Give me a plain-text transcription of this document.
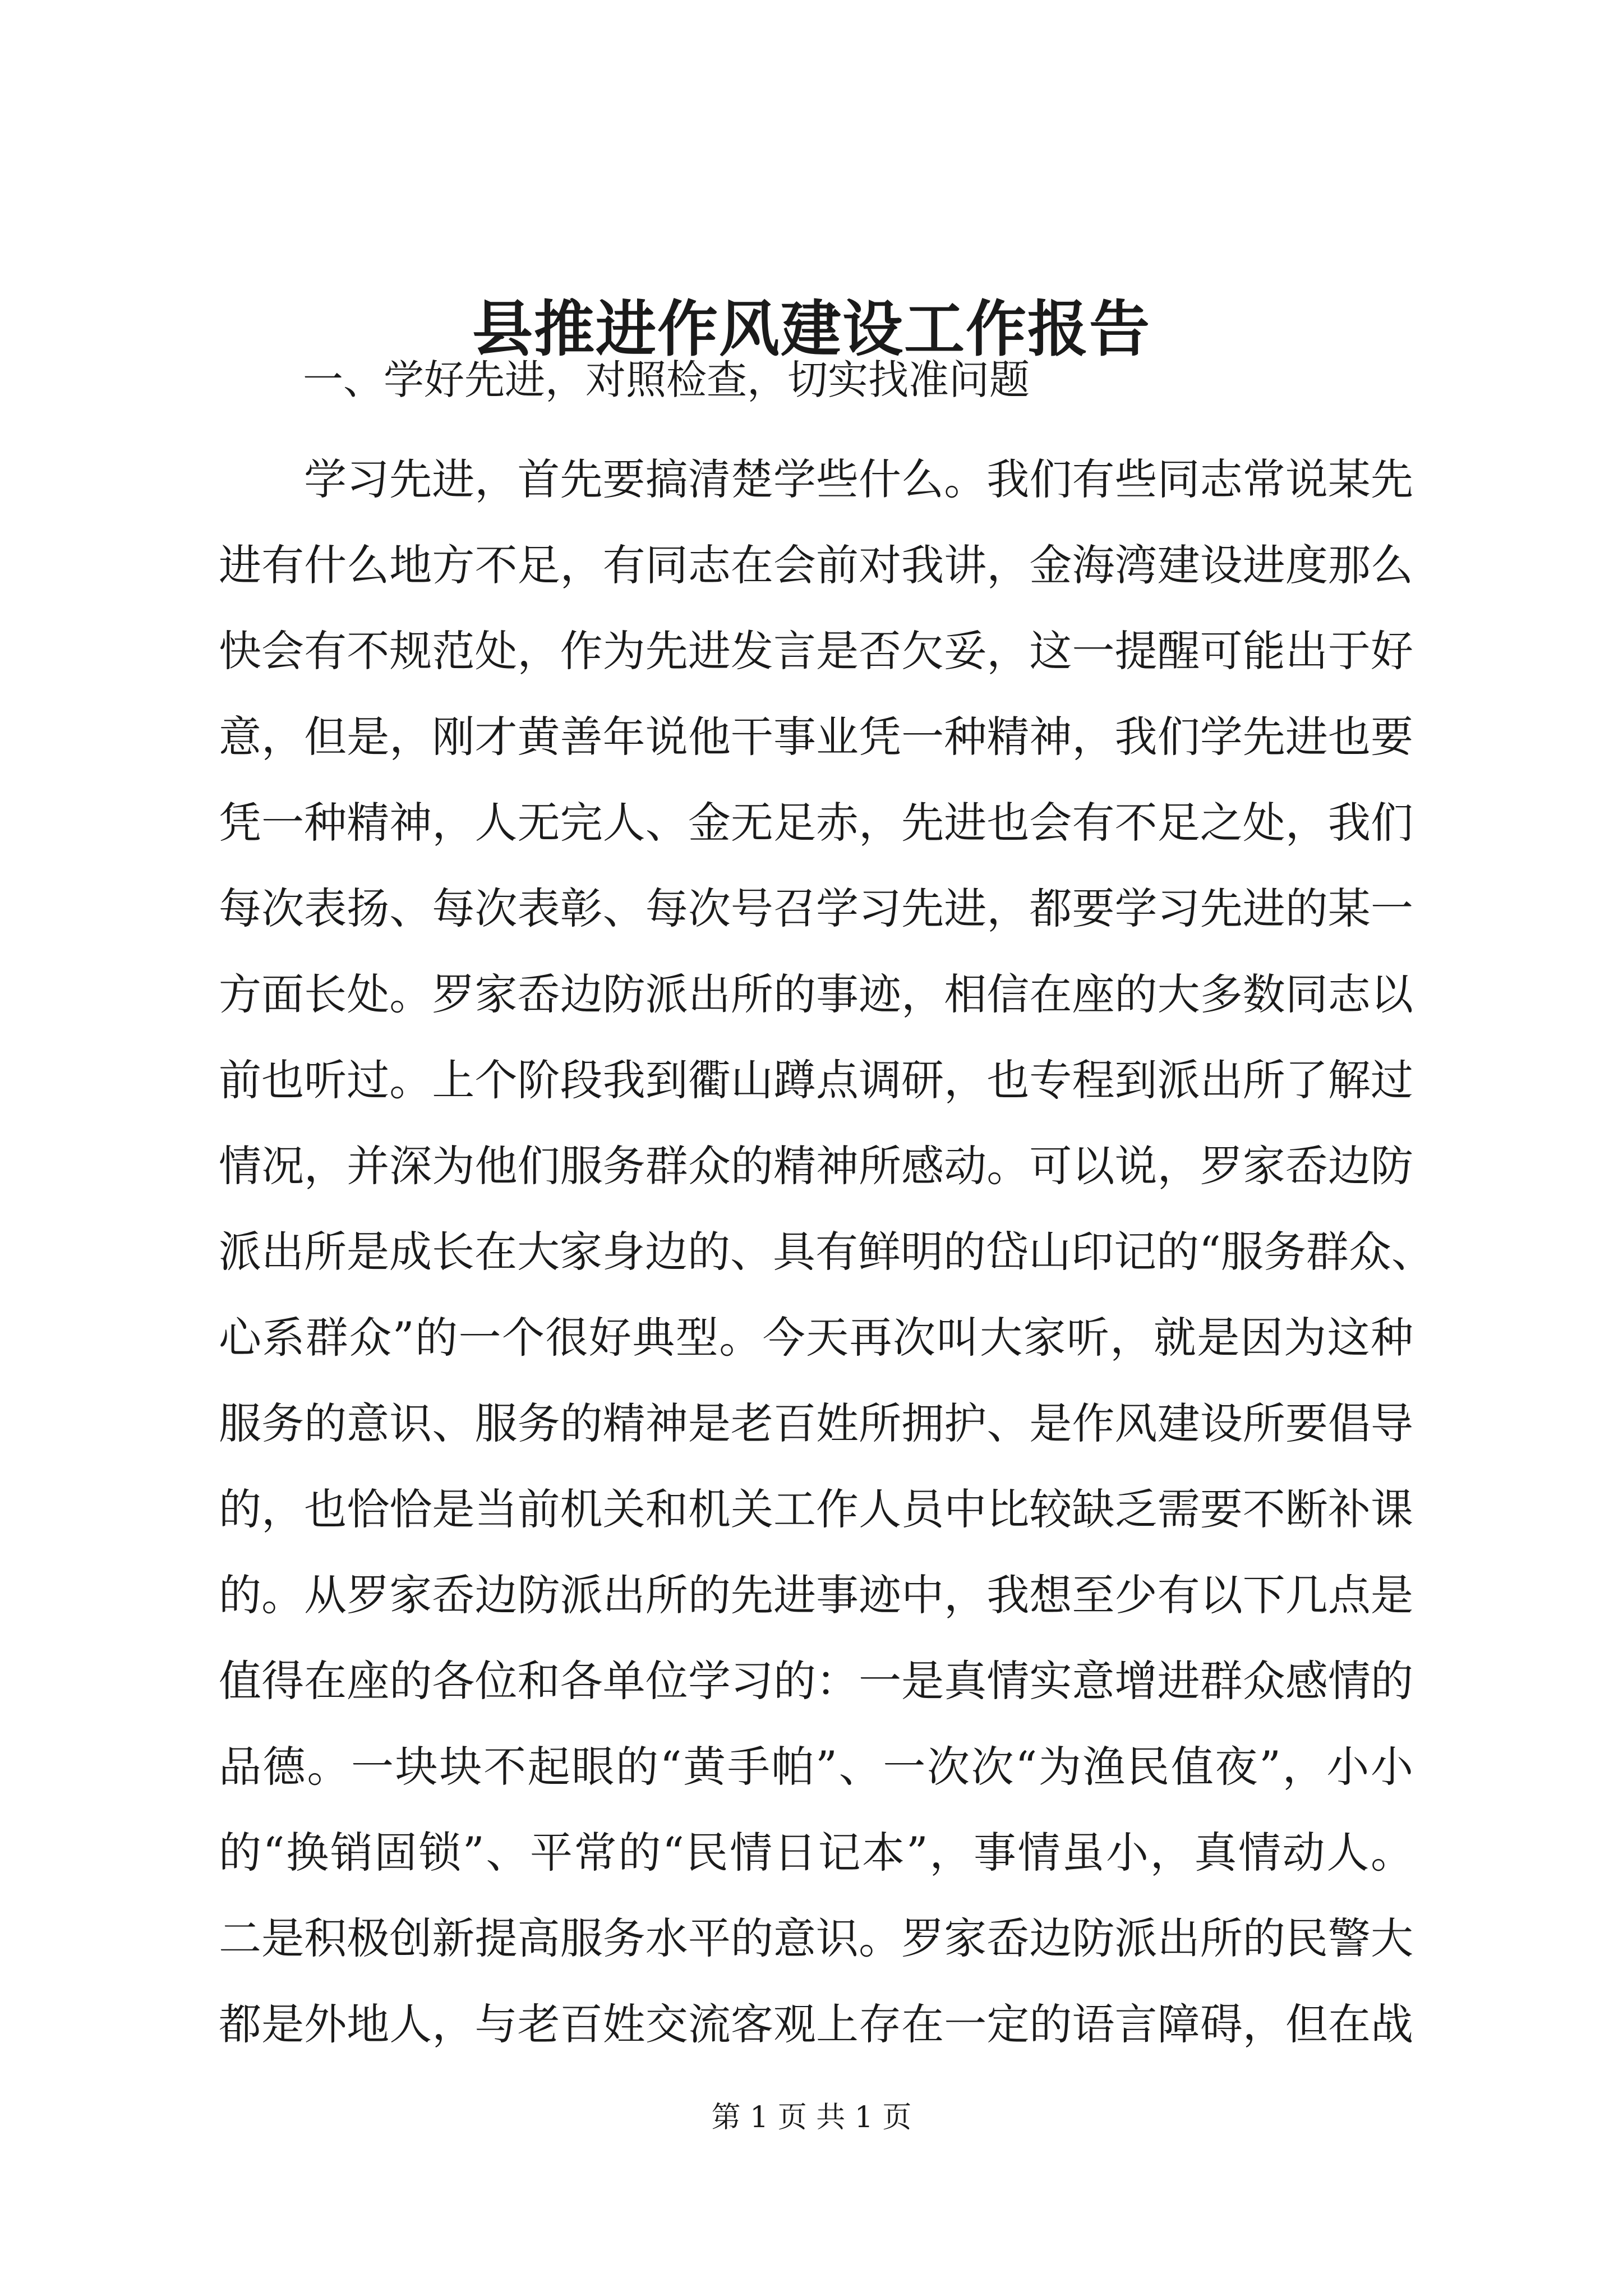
县推进作风建设工作报告

一、学好先进，对照检查，切实找准问题

学习先进，首先要搞清楚学些什么。我们有些同志常说某先
进有什么地方不足，有同志在会前对我讲，金海湾建设进度那么
快会有不规范处，作为先进发言是否欠妥，这一提醒可能出于好
意，但是，刚才黄善年说他干事业凭一种精神，我们学先进也要
凭一种精神，人无完人、金无足赤，先进也会有不足之处，我们
每次表扬、每次表彰、每次号召学习先进，都要学习先进的某一
方面长处。罗家岙边防派出所的事迹，相信在座的大多数同志以
前也听过。上个阶段我到衢山蹲点调研，也专程到派出所了解过
情况，并深为他们服务群众的精神所感动。可以说，罗家岙边防
派出所是成长在大家身边的、具有鲜明的岱山印记的“服务群众、
心系群众”的一个很好典型。今天再次叫大家听，就是因为这种
服务的意识、服务的精神是老百姓所拥护、是作风建设所要倡导
的，也恰恰是当前机关和机关工作人员中比较缺乏需要不断补课
的。从罗家岙边防派出所的先进事迹中，我想至少有以下几点是
值得在座的各位和各单位学习的：一是真情实意增进群众感情的
品德。一块块不起眼的“黄手帕”、一次次“为渔民值夜”，小小
的“换销固锁”、平常的“民情日记本”，事情虽小，真情动人。
二是积极创新提高服务水平的意识。罗家岙边防派出所的民警大
都是外地人，与老百姓交流客观上存在一定的语言障碍，但在战

第 1 页 共 1 页
